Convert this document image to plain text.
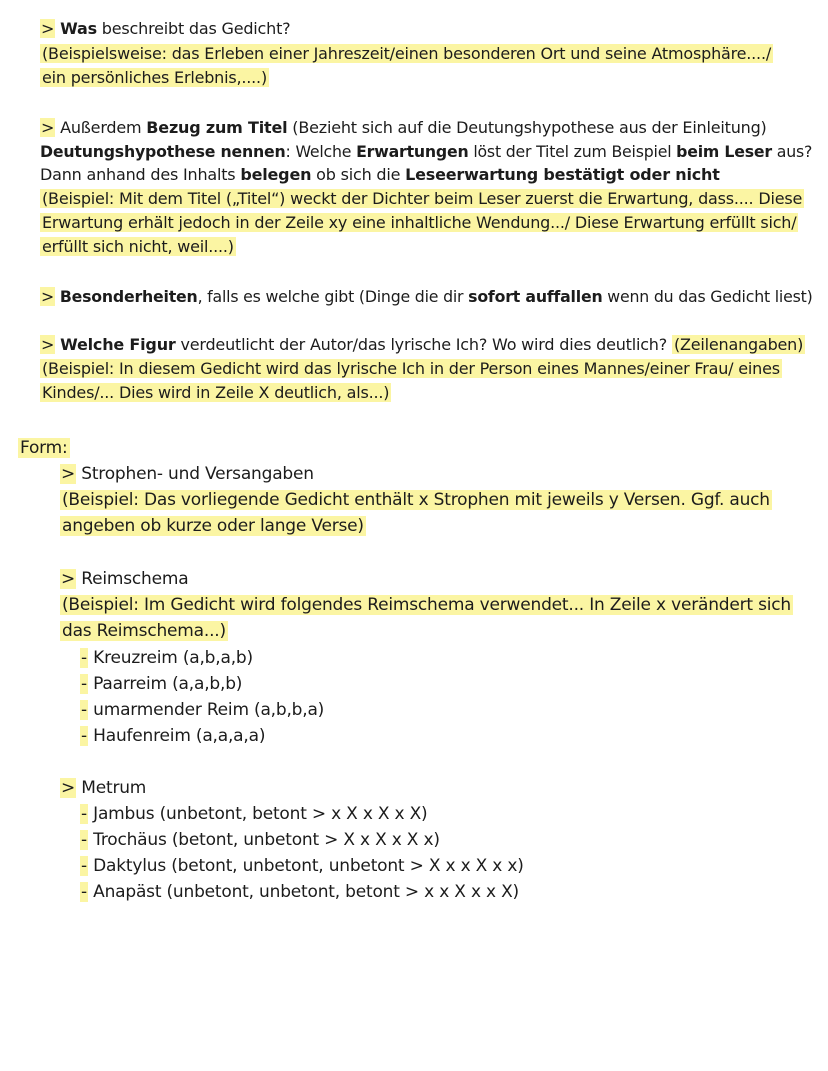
> Was beschreibt das Gedicht?
(Beispielsweise: das Erleben einer Jahreszeit/einen besonderen Ort und seine Atmosphäre..../
ein persönliches Erlebnis,....)
> Außerdem Bezug zum Titel (Bezieht sich auf die Deutungshypothese aus der Einleitung)
Deutungshypothese nennen: Welche Erwartungen löst der Titel zum Beispiel beim Leser aus?
Dann anhand des Inhalts belegen ob sich die Leseerwartung bestätigt oder nicht
(Beispiel: Mit dem Titel („Titel“) weckt der Dichter beim Leser zuerst die Erwartung, dass.... Diese
Erwartung erhält jedoch in der Zeile xy eine inhaltliche Wendung.../ Diese Erwartung erfüllt sich/
erfüllt sich nicht, weil....)
> Besonderheiten, falls es welche gibt (Dinge die dir sofort auffallen wenn du das Gedicht liest)
> Welche Figur verdeutlicht der Autor/das lyrische Ich? Wo wird dies deutlich? (Zeilenangaben)
(Beispiel: In diesem Gedicht wird das lyrische Ich in der Person eines Mannes/einer Frau/ eines
Kindes/... Dies wird in Zeile X deutlich, als...)
Form:
> Strophen- und Versangaben
(Beispiel: Das vorliegende Gedicht enthält x Strophen mit jeweils y Versen. Ggf. auch
angeben ob kurze oder lange Verse)
> Reimschema
(Beispiel: Im Gedicht wird folgendes Reimschema verwendet... In Zeile x verändert sich
das Reimschema...)
- Kreuzreim (a,b,a,b)
- Paarreim (a,a,b,b)
- umarmender Reim (a,b,b,a)
- Haufenreim (a,a,a,a)
> Metrum
- Jambus (unbetont, betont > x X x X x X)
- Trochäus (betont, unbetont > X x X x X x)
- Daktylus (betont, unbetont, unbetont > X x x X x x)
- Anapäst (unbetont, unbetont, betont > x x X x x X)
